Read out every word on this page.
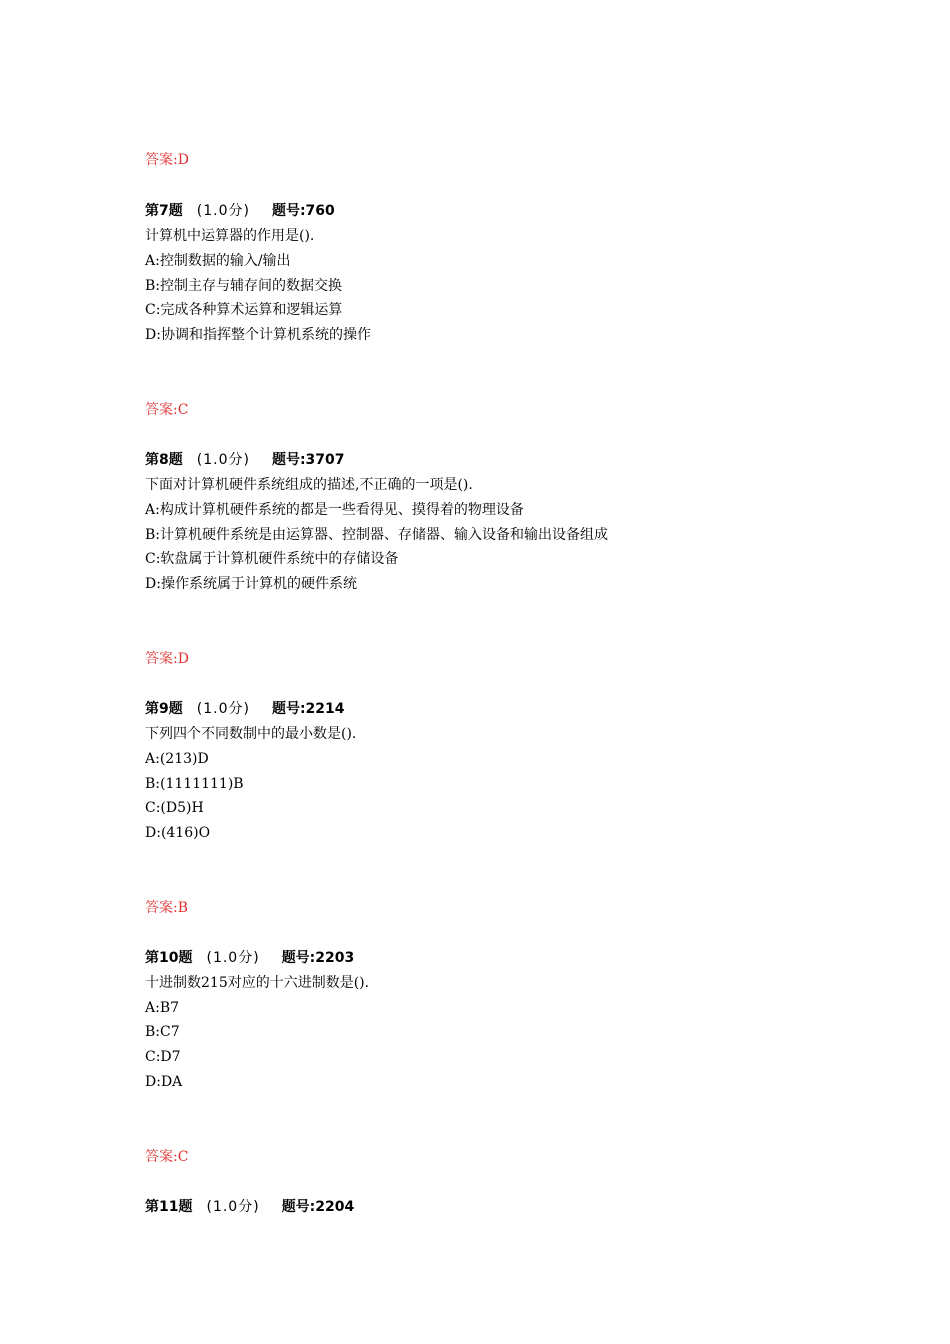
答案:D
第7题 (1.0分) 题号:760
计算机中运算器的作用是().
A:控制数据的输入/输出
B:控制主存与辅存间的数据交换
C:完成各种算术运算和逻辑运算
D:协调和指挥整个计算机系统的操作
答案:C
第8题 (1.0分) 题号:3707
下面对计算机硬件系统组成的描述,不正确的一项是().
A:构成计算机硬件系统的都是一些看得见、摸得着的物理设备
B:计算机硬件系统是由运算器、控制器、存储器、输入设备和输出设备组成
C:软盘属于计算机硬件系统中的存储设备
D:操作系统属于计算机的硬件系统
答案:D
第9题 (1.0分) 题号:2214
下列四个不同数制中的最小数是().
A:(213)D
B:(1111111)B
C:(D5)H
D:(416)O
答案:B
第10题 (1.0分) 题号:2203
十进制数215对应的十六进制数是().
A:B7
B:C7
C:D7
D:DA
答案:C
第11题 (1.0分) 题号:2204
